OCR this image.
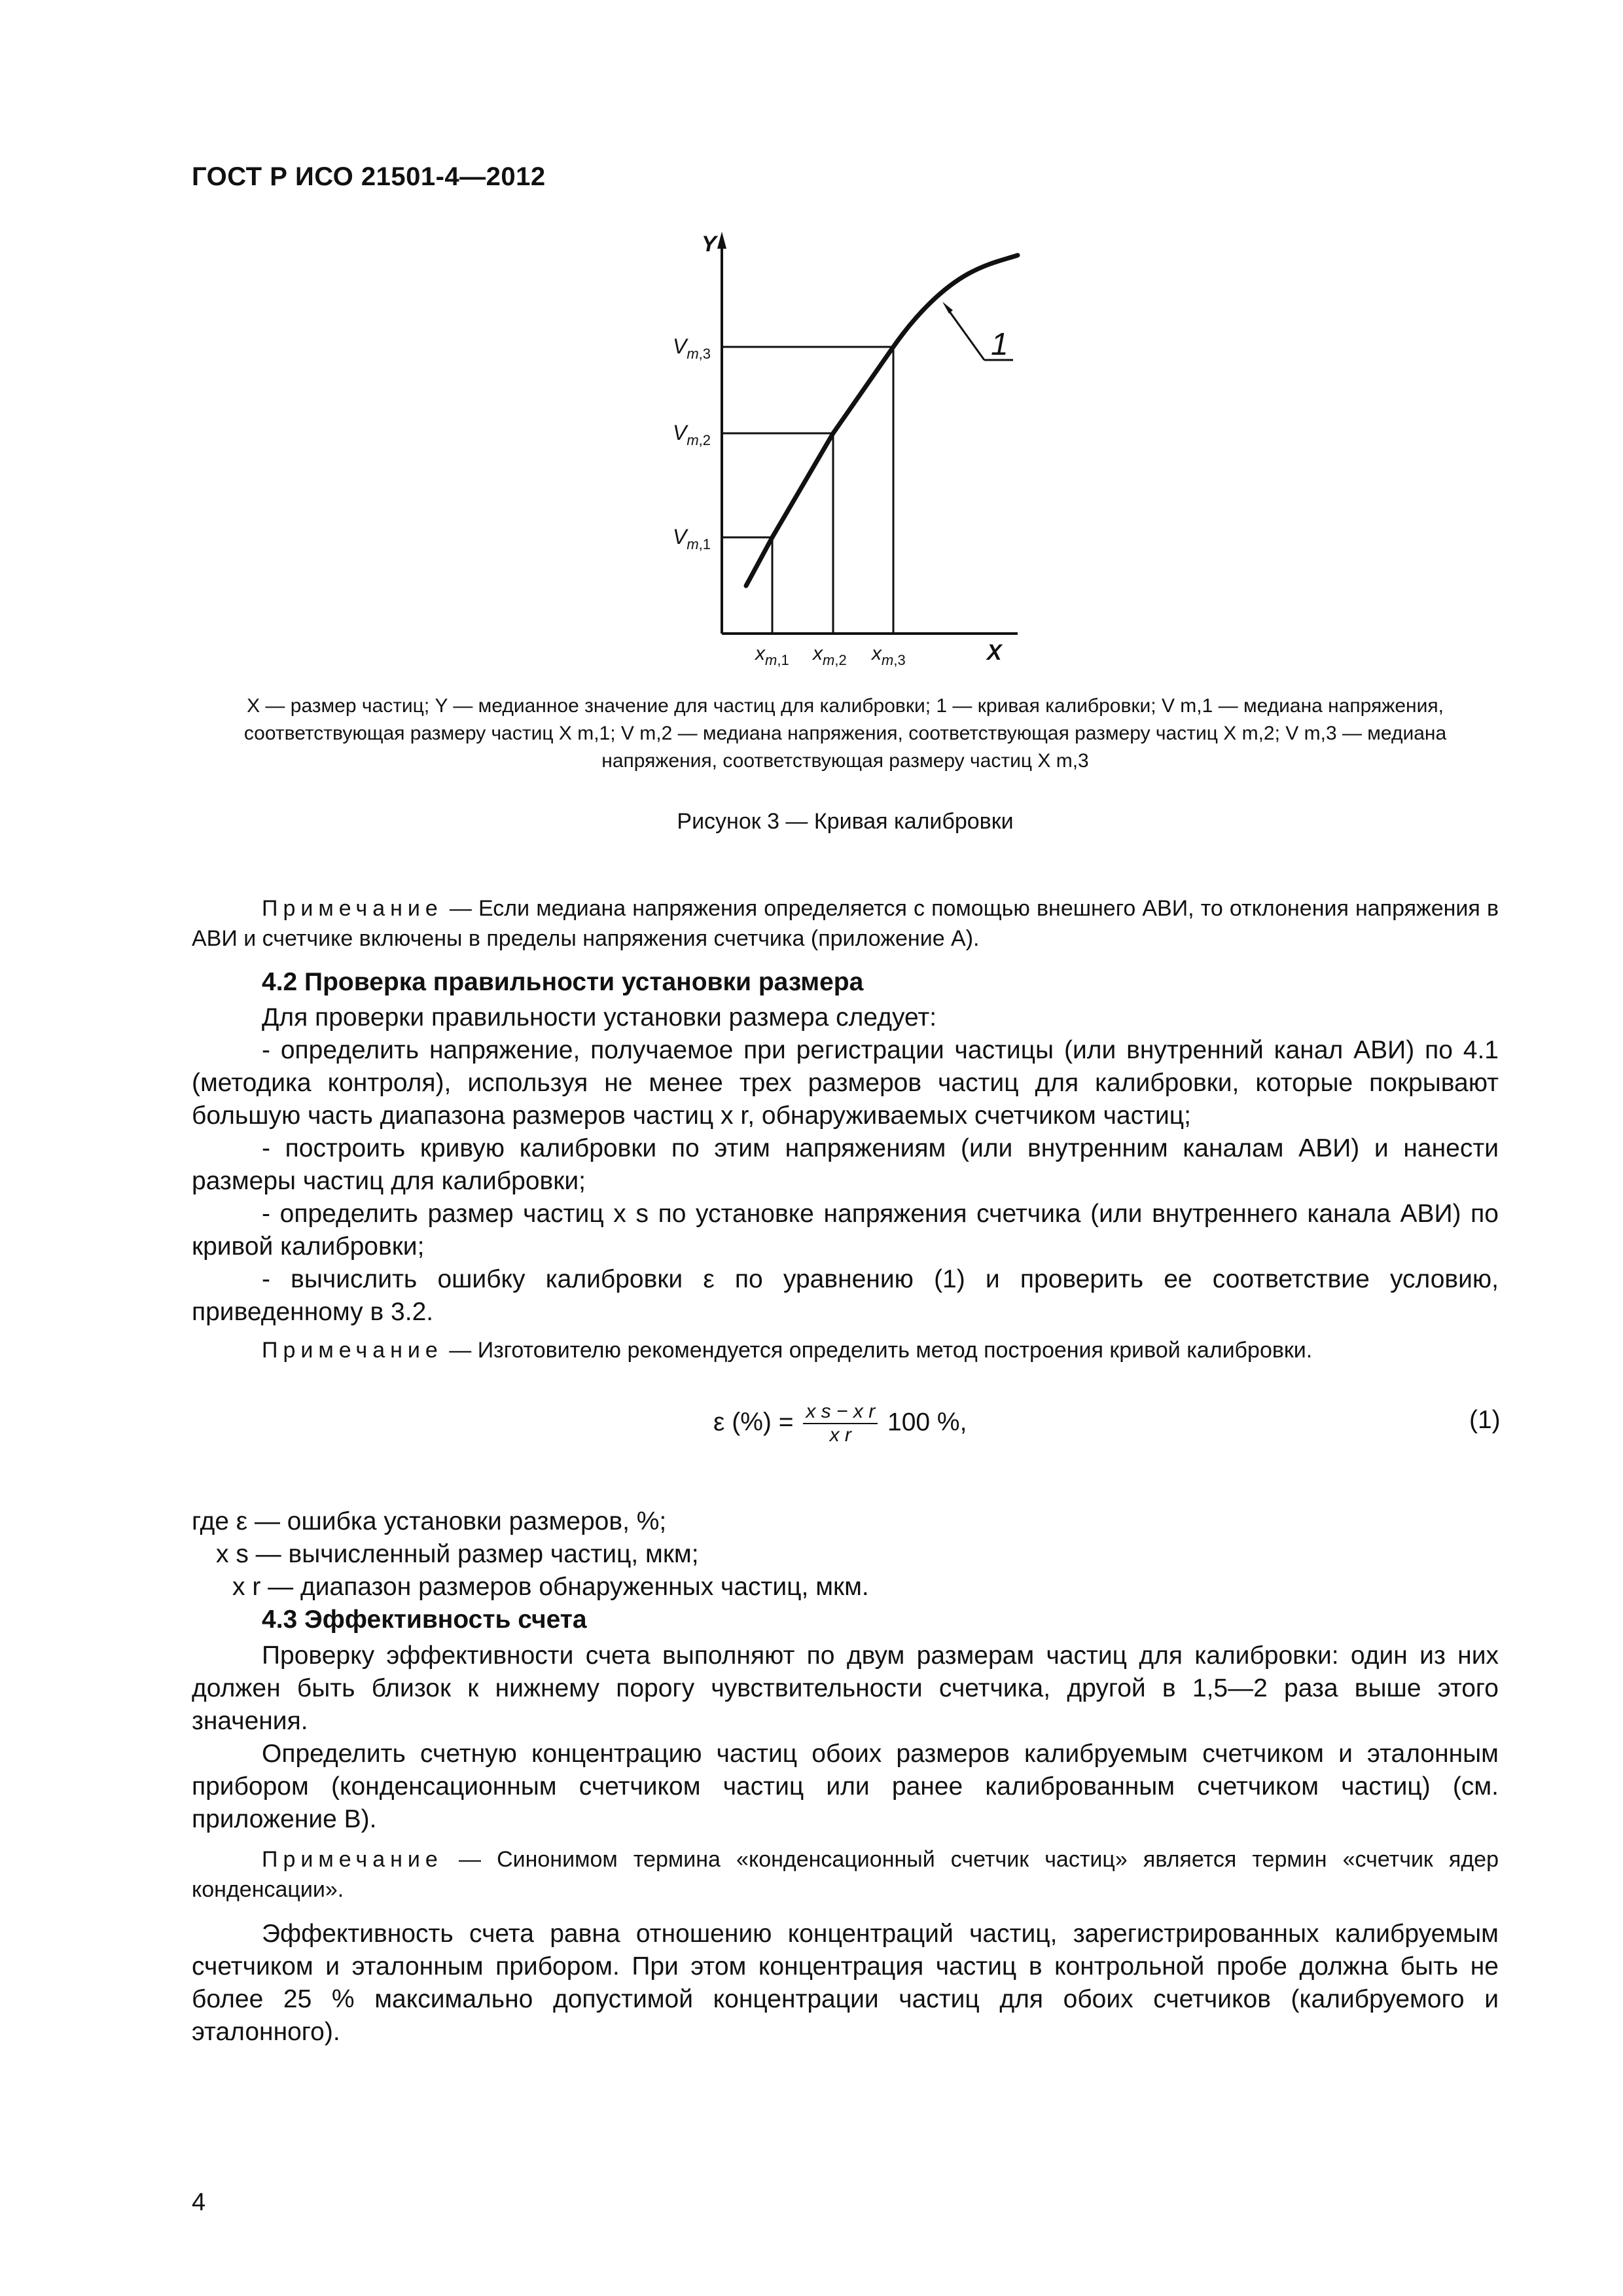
ГОСТ Р ИСО 21501-4—2012
Y
X
1
$V_m,3$
$V_m,2$
$V_m,1$
$x_m,1$ $x_m,2$ $x_m,3$
X — размер частиц; Y — медианное значение для частиц для калибровки; 1 — кривая калибровки; V m,1 — медиана напряжения,
соответствующая размеру частиц X m,1; V m,2 — медиана напряжения, соответствующая размеру частиц X m,2; V m,3 — медиана
напряжения, соответствующая размеру частиц X m,3
Рисунок 3 — Кривая калибровки
Примечание — Если медиана напряжения определяется с помощью внешнего АВИ, то отклонения напряжения в АВИ и счетчике включены в пределы напряжения счетчика (приложение А).
4.2 Проверка правильности установки размера
Для проверки правильности установки размера следует:
- определить напряжение, получаемое при регистрации частицы (или внутренний канал АВИ) по 4.1 (методика контроля), используя не менее трех размеров частиц для калибровки, которые покрывают большую часть диапазона размеров частиц x r, обнаруживаемых счетчиком частиц;
- построить кривую калибровки по этим напряжениям (или внутренним каналам АВИ) и нанести размеры частиц для калибровки;
- определить размер частиц x s по установке напряжения счетчика (или внутреннего канала АВИ) по кривой калибровки;
- вычислить ошибку калибровки ε по уравнению (1) и проверить ее соответствие условию, приведенному в 3.2.
Примечание — Изготовителю рекомендуется определить метод построения кривой калибровки.
ε (%) = $\frac{\text{x s − x r}}{\text{x r}} 100$ %,	(1)
где ε — ошибка установки размеров, %;
x s — вычисленный размер частиц, мкм;
x r — диапазон размеров обнаруженных частиц, мкм.
4.3 Эффективность счета
Проверку эффективности счета выполняют по двум размерам частиц для калибровки: один из них должен быть близок к нижнему порогу чувствительности счетчика, другой в 1,5—2 раза выше этого значения.
Определить счетную концентрацию частиц обоих размеров калибруемым счетчиком и эталонным прибором (конденсационным счетчиком частиц или ранее калиброванным счетчиком частиц) (см. приложение В).
Примечание — Синонимом термина «конденсационный счетчик частиц» является термин «счетчик ядер конденсации».
Эффективность счета равна отношению концентраций частиц, зарегистрированных калибруемым счетчиком и эталонным прибором. При этом концентрация частиц в контрольной пробе должна быть не более 25 % максимально допустимой концентрации частиц для обоих счетчиков (калибруемого и эталонного).
4
